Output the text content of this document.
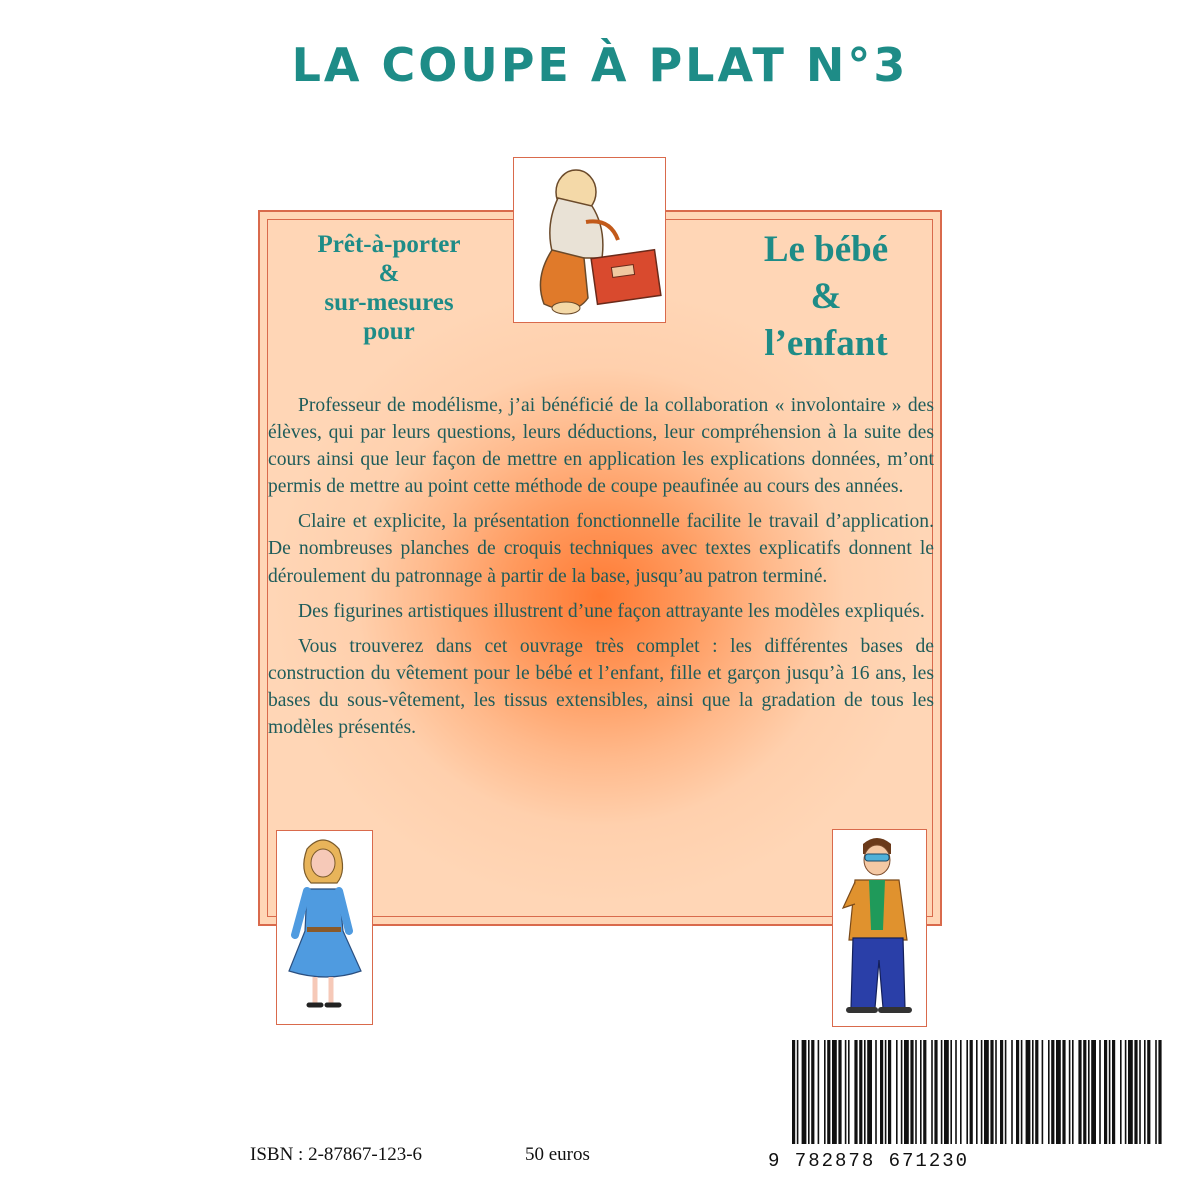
LA COUPE À PLAT N°3
Prêt-à-porter
&
sur-mesures
pour
Le bébé
&
l’enfant

Professeur de modélisme, j’ai bénéficié de la collaboration « involontaire » des élèves, qui par leurs questions, leurs déductions, leur compréhension à la suite des cours ainsi que leur façon de mettre en application les explications données, m’ont permis de mettre au point cette méthode de coupe peaufinée au cours des années.

Claire et explicite, la présentation fonctionnelle facilite le travail d’application. De nombreuses planches de croquis techniques avec textes explicatifs donnent le déroulement du patronnage à partir de la base, jusqu’au patron terminé.

Des figurines artistiques illustrent d’une façon attrayante les modèles expliqués.

Vous trouverez dans cet ouvrage très complet : les différentes bases de construction du vêtement pour le bébé et l’enfant, fille et garçon jusqu’à 16 ans, les bases du sous-vêtement, les tissus extensibles, ainsi que la gradation de tous les modèles présentés.

9 782878 671230
ISBN : 2-87867-123-6	50 euros
